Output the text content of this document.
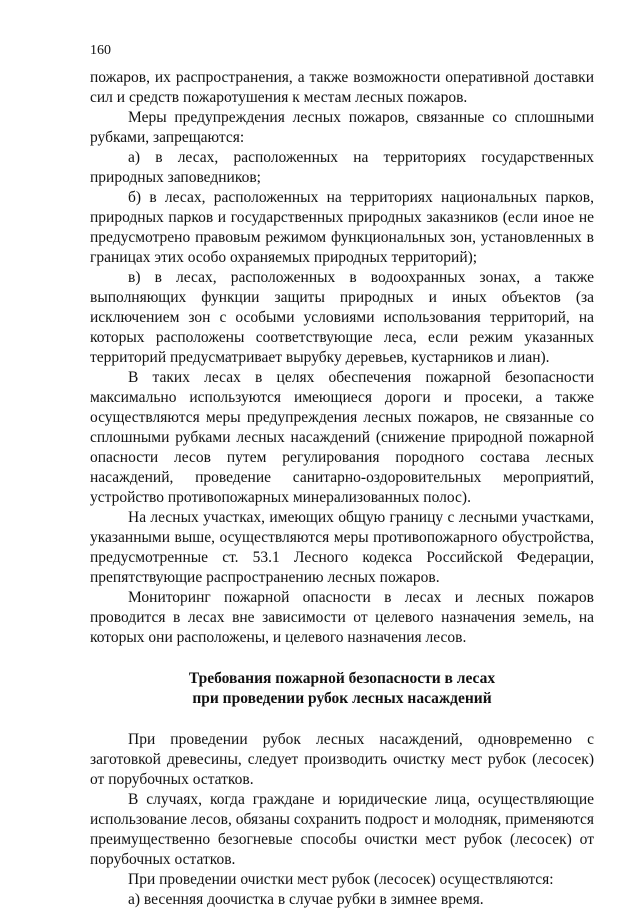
160

пожаров, их распространения, а также возможности оперативной доставки сил и средств пожаротушения к местам лесных пожаров.

Меры предупреждения лесных пожаров, связанные со сплошными рубками, запрещаются:

а) в лесах, расположенных на территориях государственных природных заповедников;

б) в лесах, расположенных на территориях национальных парков, природных парков и государственных природных заказников (если иное не предусмотрено правовым режимом функциональных зон, установленных в границах этих особо охраняемых природных территорий);

в) в лесах, расположенных в водоохранных зонах, а также выполняющих функции защиты природных и иных объектов (за исключением зон с особыми условиями использования территорий, на которых расположены соответствующие леса, если режим указанных территорий предусматривает вырубку деревьев, кустарников и лиан).

В таких лесах в целях обеспечения пожарной безопасности максимально используются имеющиеся дороги и просеки, а также осуществляются меры предупреждения лесных пожаров, не связанные со сплошными рубками лесных насаждений (снижение природной пожарной опасности лесов путем регулирования породного состава лесных насаждений, проведение санитарно-оздоровительных мероприятий, устройство противопожарных минерализованных полос).

На лесных участках, имеющих общую границу с лесными участками, указанными выше, осуществляются меры противопожарного обустройства, предусмотренные ст. 53.1 Лесного кодекса Российской Федерации, препятствующие распространению лесных пожаров.

Мониторинг пожарной опасности в лесах и лесных пожаров проводится в лесах вне зависимости от целевого назначения земель, на которых они расположены, и целевого назначения лесов.

Требования пожарной безопасности в лесах
при проведении рубок лесных насаждений

При проведении рубок лесных насаждений, одновременно с заготовкой древесины, следует производить очистку мест рубок (лесосек) от порубочных остатков.

В случаях, когда граждане и юридические лица, осуществляющие использование лесов, обязаны сохранить подрост и молодняк, применяются преимущественно безогневые способы очистки мест рубок (лесосек) от порубочных остатков.

При проведении очистки мест рубок (лесосек) осуществляются:

а) весенняя доочистка в случае рубки в зимнее время.
